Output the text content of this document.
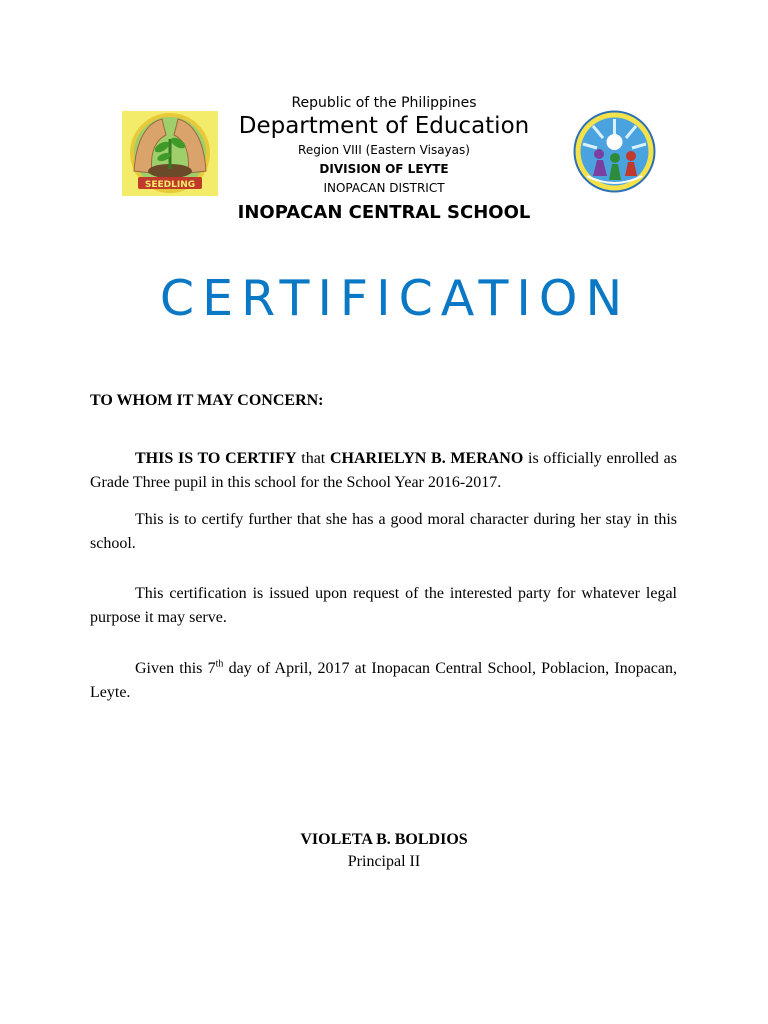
SEEDLING
Republic of the Philippines
Department of Education
Region VIII (Eastern Visayas)
DIVISION OF LEYTE
INOPACAN DISTRICT
INOPACAN CENTRAL SCHOOL
CERTIFICATION
TO WHOM IT MAY CONCERN:
THIS IS TO CERTIFY that CHARIELYN B. MERANO is officially enrolled as Grade Three pupil in this school for the School Year 2016-2017.
This is to certify further that she has a good moral character during her stay in this school.
This certification is issued upon request of the interested party for whatever legal purpose it may serve.
Given this 7th day of April, 2017 at Inopacan Central School, Poblacion, Inopacan, Leyte.
VIOLETA B. BOLDIOS
Principal II
